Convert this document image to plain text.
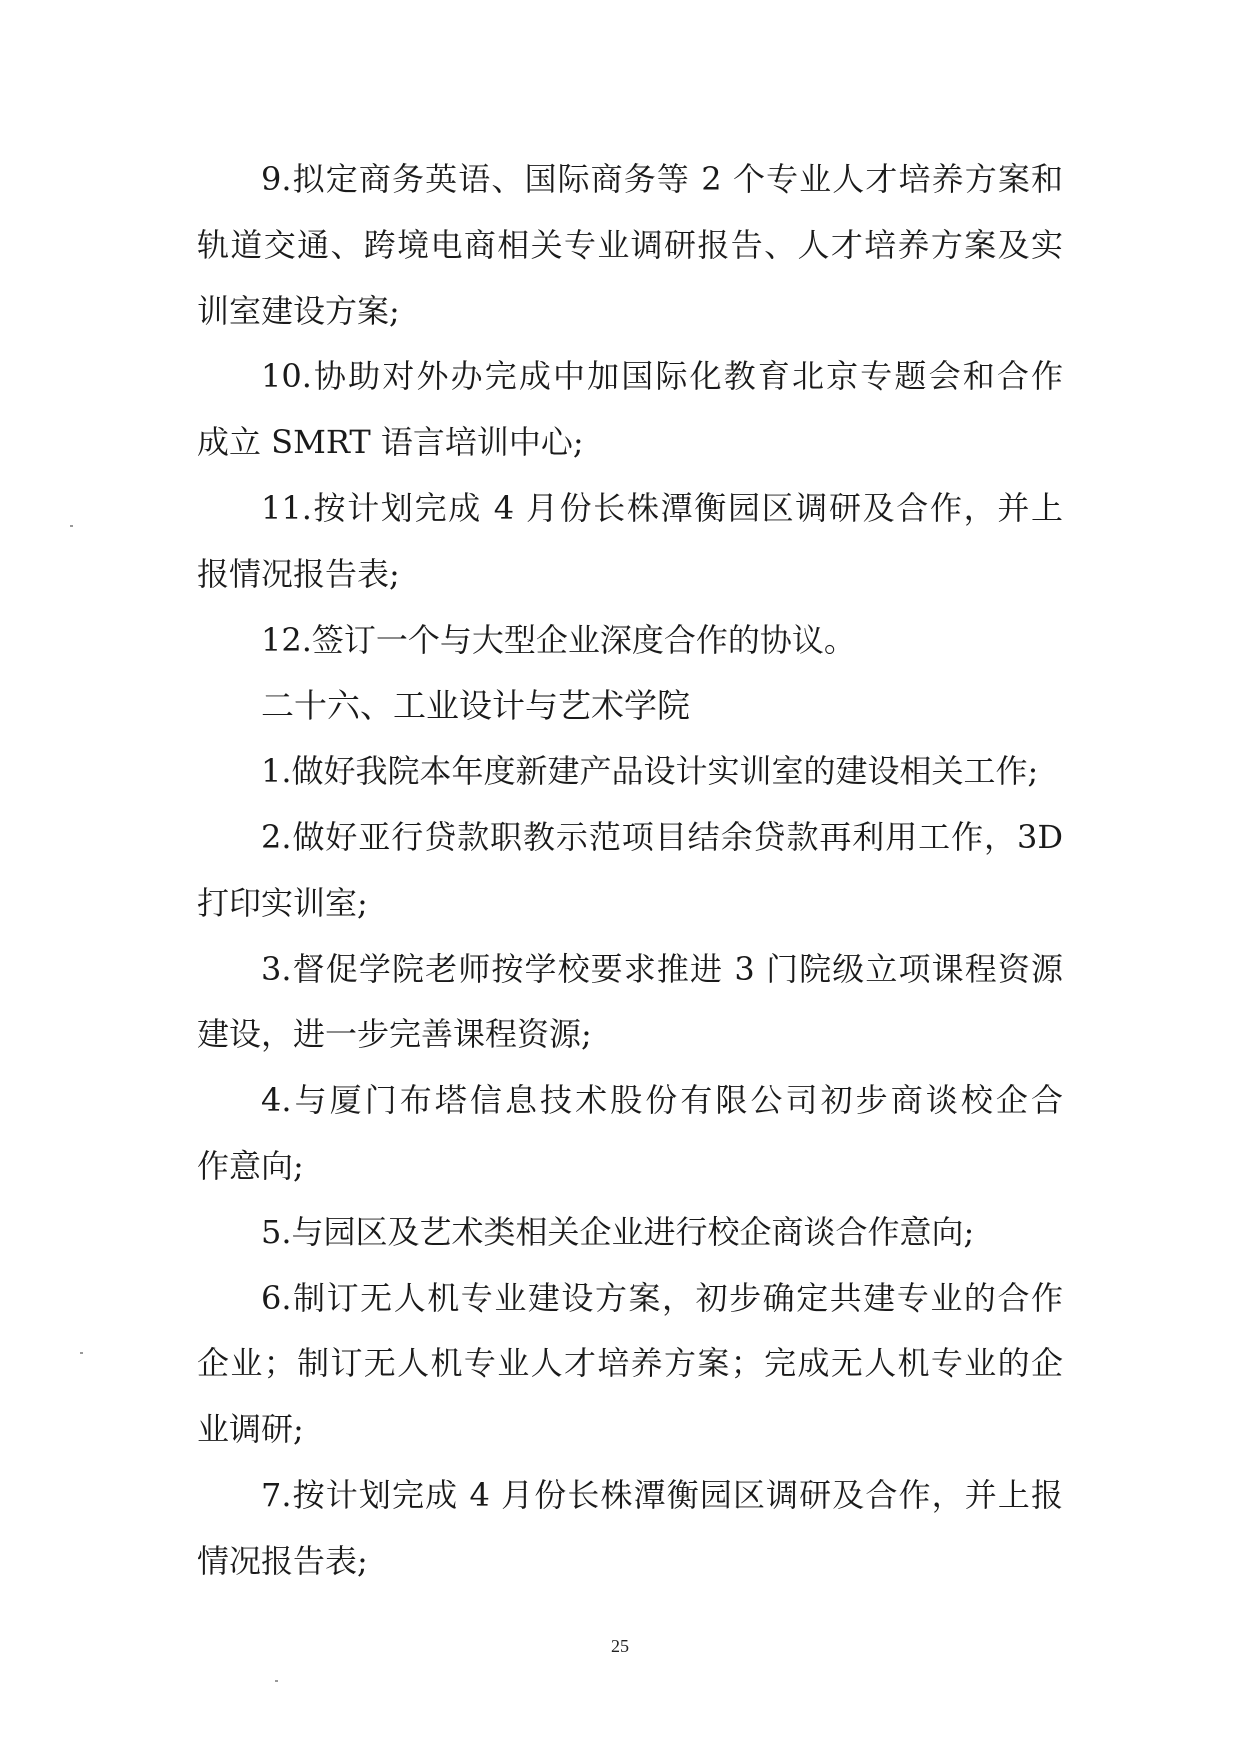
9.拟定商务英语、国际商务等 2 个专业人才培养方案和
轨道交通、跨境电商相关专业调研报告、人才培养方案及实
训室建设方案;
10.协助对外办完成中加国际化教育北京专题会和合作
成立 SMRT 语言培训中心;
11.按计划完成 4 月份长株潭衡园区调研及合作，并上
报情况报告表;
12.签订一个与大型企业深度合作的协议。
二十六、工业设计与艺术学院
1.做好我院本年度新建产品设计实训室的建设相关工作;
2.做好亚行贷款职教示范项目结余贷款再利用工作，3D
打印实训室;
3.督促学院老师按学校要求推进 3 门院级立项课程资源
建设，进一步完善课程资源;
4.与厦门布塔信息技术股份有限公司初步商谈校企合
作意向;
5.与园区及艺术类相关企业进行校企商谈合作意向;
6.制订无人机专业建设方案，初步确定共建专业的合作
企业；制订无人机专业人才培养方案；完成无人机专业的企
业调研;
7.按计划完成 4 月份长株潭衡园区调研及合作，并上报
情况报告表;
25
